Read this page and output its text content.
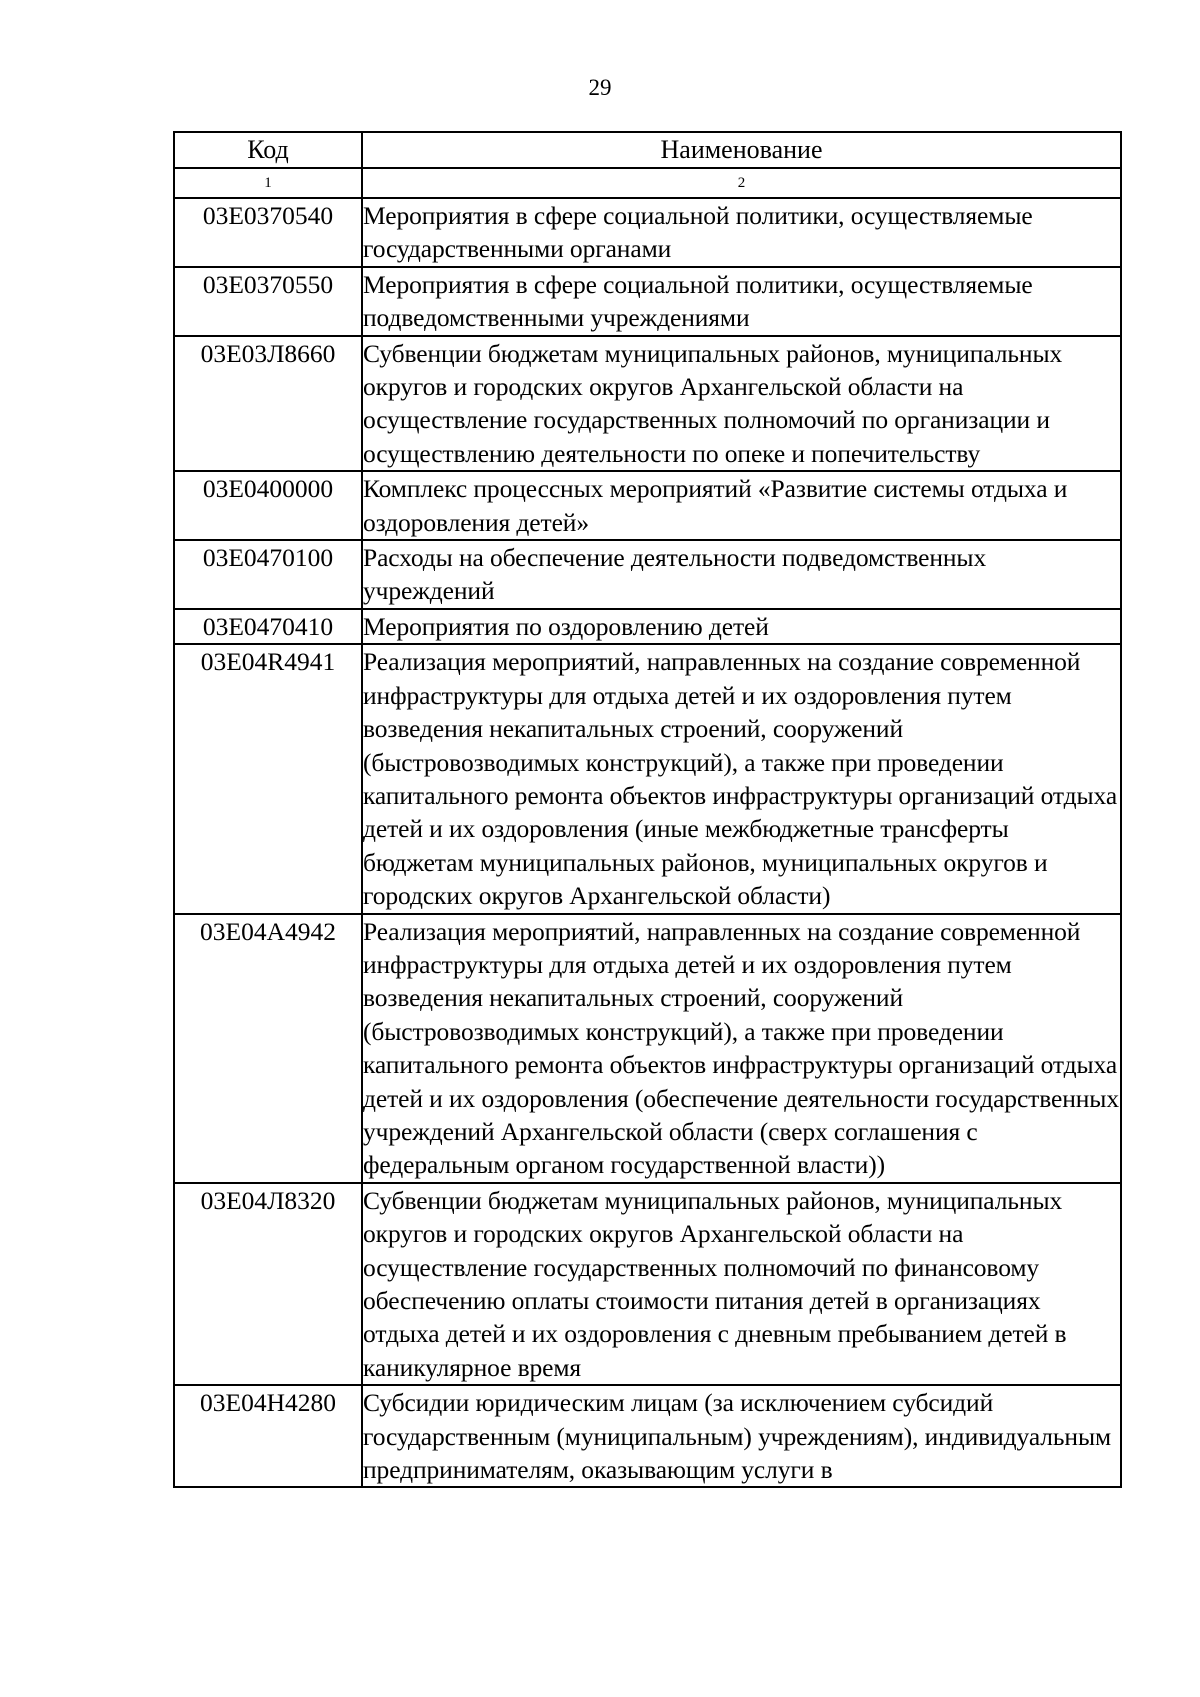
29
Код	Наименование
1	2
03Е0370540	Мероприятия в сфере социальной политики, осуществляемые государственными органами
03Е0370550	Мероприятия в сфере социальной политики, осуществляемые подведомственными учреждениями
03Е03Л8660	Субвенции бюджетам муниципальных районов, муниципальных округов и городских округов Архангельской области на осуществление государственных полномочий по организации и осуществлению деятельности по опеке и попечительству
03Е0400000	Комплекс процессных мероприятий «Развитие системы отдыха и оздоровления детей»
03Е0470100	Расходы на обеспечение деятельности подведомственных учреждений
03Е0470410	Мероприятия по оздоровлению детей
03Е04R4941	Реализация мероприятий, направленных на создание современной инфраструктуры для отдыха детей и их оздоровления путем возведения некапитальных строений, сооружений (быстровозводимых конструкций), а также при проведении капитального ремонта объектов инфраструктуры организаций отдыха детей и их оздоровления (иные межбюджетные трансферты бюджетам муниципальных районов, муниципальных округов и городских округов Архангельской области)
03Е04А4942	Реализация мероприятий, направленных на создание современной инфраструктуры для отдыха детей и их оздоровления путем возведения некапитальных строений, сооружений (быстровозводимых конструкций), а также при проведении капитального ремонта объектов инфраструктуры организаций отдыха детей и их оздоровления (обеспечение деятельности государственных учреждений Архангельской области (сверх соглашения с федеральным органом государственной власти))
03Е04Л8320	Субвенции бюджетам муниципальных районов, муниципальных округов и городских округов Архангельской области на осуществление государственных полномочий по финансовому обеспечению оплаты стоимости питания детей в организациях отдыха детей и их оздоровления с дневным пребыванием детей в каникулярное время
03Е04Н4280	Субсидии юридическим лицам (за исключением субсидий государственным (муниципальным) учреждениям), индивидуальным предпринимателям, оказывающим услуги в
